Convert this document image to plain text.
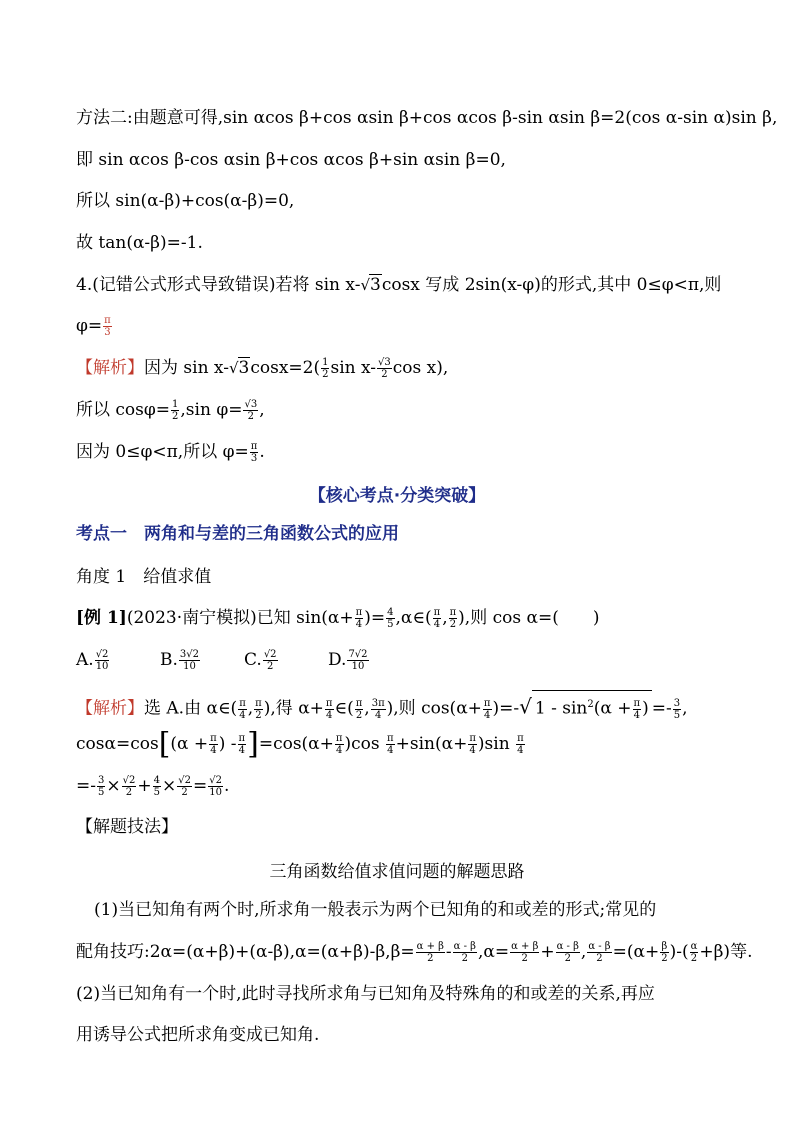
方法二:由题意可得,sin αcos β+cos αsin β+cos αcos β-sin αsin β=2(cos α-sin α)sin β,
即 sin αcos β-cos αsin β+cos αcos β+sin αsin β=0,
所以 sin(α-β)+cos(α-β)=0,
故 tan(α-β)=-1.
4.(记错公式形式导致错误)若将 sin x-√3cosx 写成 2sin(x-φ)的形式,其中 0≤φ<π,则
$\varphi= \frac{\pi}{3}$
【解析】因为 $\sin x-√3\cos x=2( \frac{1}{2}$ $\sin x- \frac{√3}{2}$ cos x),
所以 $\cos\varphi= \frac{1}{2} ,\sin$ $\varphi= \frac{√3}{2}$ ,
因为 0≤φ<π,所以 $\varphi= \frac{\pi}{3}$ .
【核心考点·分类突破】
考点一　两角和与差的三角函数公式的应用
角度 1　给值求值
[例 1](2023·南宁模拟)已知 $\sin(\alpha+ \frac{\pi}{4}$ )= $\frac{4}{5}$ ,α∈( $\frac{\pi}{4}$ , $\frac{\pi}{2}$ ),则 cos α=(　　)
A. $\frac{√2}{10}$	B. $\frac{3√2}{10}$	C. $\frac{√2}{2}$	D. $\frac{7√2}{10}$
【解析】选 A.由 α∈( $\frac{\pi}{4}$ , $\frac{\pi}{2}$ ),得 $\alpha+ \frac{\pi}{4}$ ∈( $\frac{\pi}{2}$ , $\frac{3\pi}{4}$ ),则 $\cos(\alpha+ \frac{\pi}{4}$ )=-√ $1 - \sin^2(\alpha + \frac{\pi}{4}$ ) =- $\frac{3}{5}$ ,
$\cos\alpha=\cos[(\alpha + \frac{\pi}{4}$ ) - $\frac{\pi}{4} ]=\cos(\alpha+ \frac{\pi}{4} )\cos \frac{\pi}{4} +\sin(\alpha+ \frac{\pi}{4} )\sin \frac{\pi}{4}$
=- $\frac{3}{5} \times \frac{√2}{2} + \frac{4}{5} \times \frac{√2}{2} = \frac{√2}{10}$ .
【解题技法】
三角函数给值求值问题的解题思路
(1)当已知角有两个时,所求角一般表示为两个已知角的和或差的形式;常见的
配角技巧:2α=(α+β)+(α-β),α=(α+β)-β,β= $\frac{\alpha + \beta}{2} - \frac{\alpha - \beta}{2} ,\alpha= \frac{\alpha + \beta}{2} + \frac{\alpha - \beta}{2}$ , $\frac{\alpha - \beta}{2} =(\alpha+ \frac{\beta}{2}$ )-( $\frac{\alpha}{2} +\beta$)等.
(2)当已知角有一个时,此时寻找所求角与已知角及特殊角的和或差的关系,再应
用诱导公式把所求角变成已知角.
